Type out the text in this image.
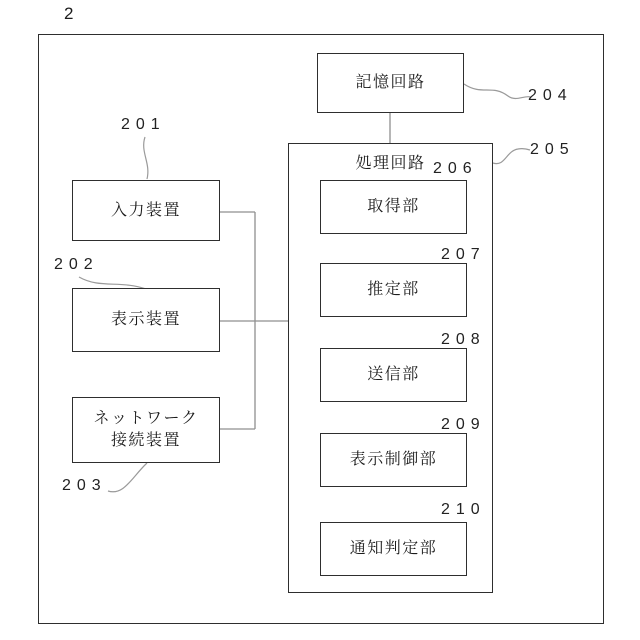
2
入力装置
表示装置
ネットワーク
接続装置
記憶回路
処理回路
取得部
推定部
送信部
表示制御部
通知判定部
201
202
203
204
205
206
207
208
209
210
